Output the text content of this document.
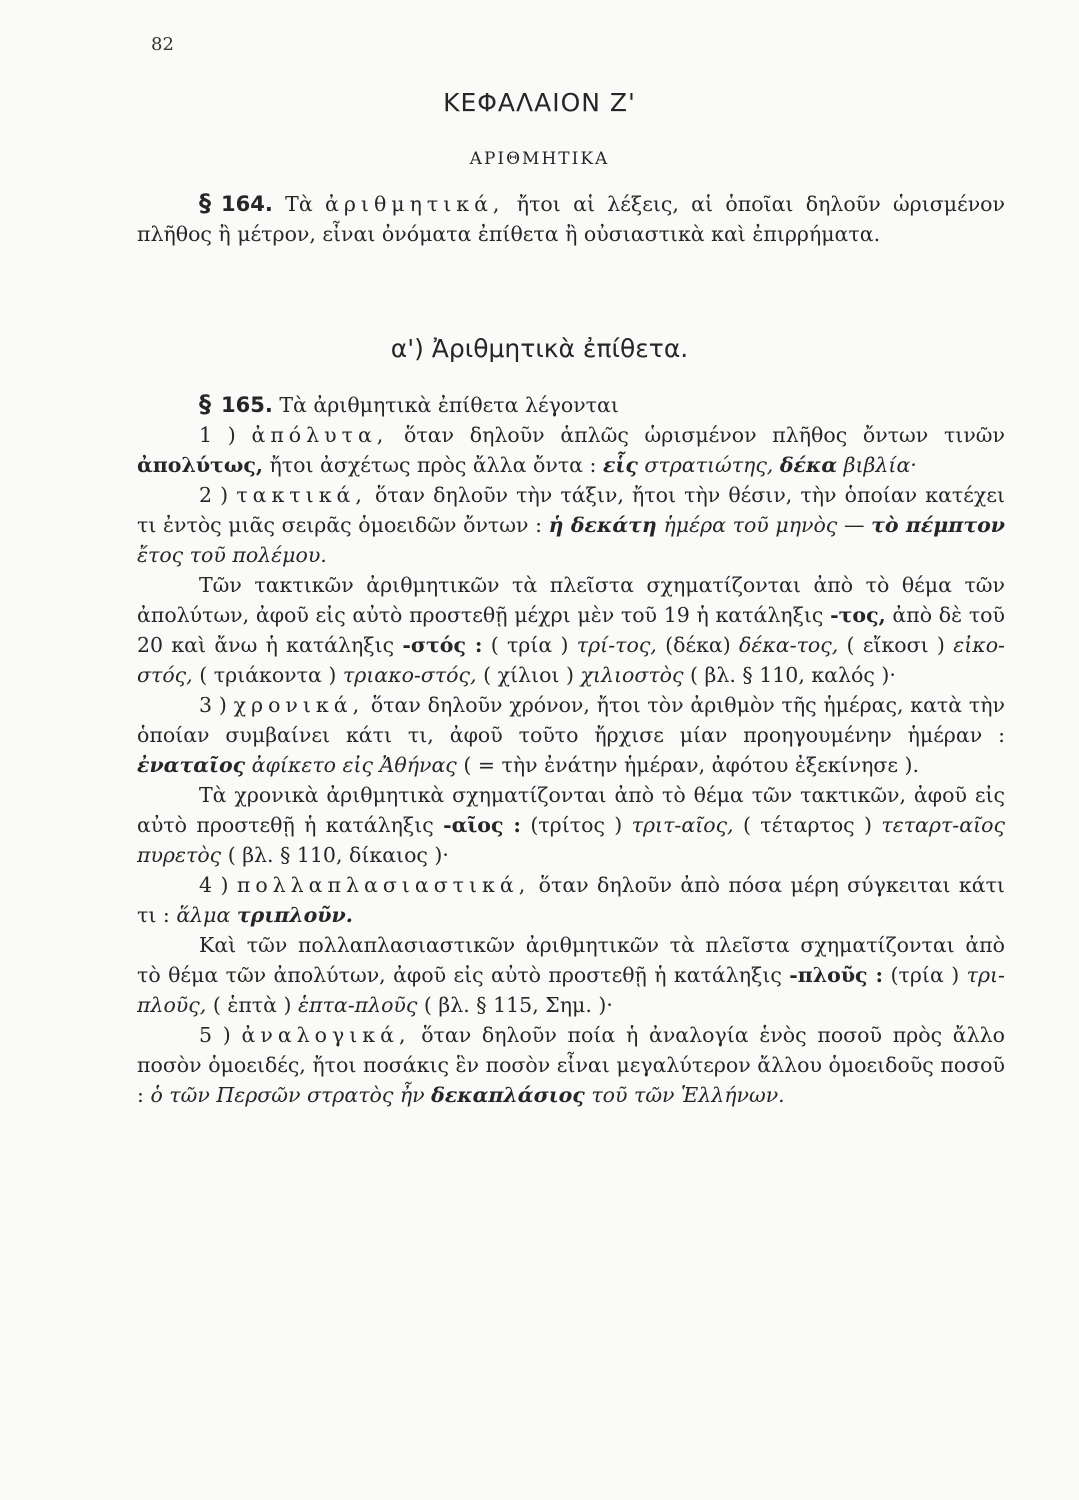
82
ΚΕΦΑΛΑΙΟΝ Ζ'
ΑΡΙΘΜΗΤΙΚΑ

§ 164. Τὰ ἀριθμητικά, ἤτοι αἱ λέξεις, αἱ ὁποῖαι δηλοῦν ὡρισμένον πλῆθος ἢ μέτρον, εἶναι ὀνόματα ἐπίθετα ἢ οὐσιαστικὰ καὶ ἐπιρρήματα.

α') Ἀριθμητικὰ ἐπίθετα.

§ 165. Τὰ ἀριθμητικὰ ἐπίθετα λέγονται

1 ) ἀπόλυτα, ὅταν δηλοῦν ἁπλῶς ὡρισμένον πλῆθος ὄντων τινῶν ἀπολύτως, ἤτοι ἀσχέτως πρὸς ἄλλα ὄντα : εἷς στρατιώτης, δέκα βιβλία·

2 ) τακτικά, ὅταν δηλοῦν τὴν τάξιν, ἤτοι τὴν θέσιν, τὴν ὁποίαν κατέχει τι ἐντὸς μιᾶς σειρᾶς ὁμοειδῶν ὄντων : ἡ δεκάτη ἡμέρα τοῦ μηνὸς — τὸ πέμπτον ἔτος τοῦ πολέμου.

Τῶν τακτικῶν ἀριθμητικῶν τὰ πλεῖστα σχηματίζονται ἀπὸ τὸ θέμα τῶν ἀπολύτων, ἀφοῦ εἰς αὐτὸ προστεθῇ μέχρι μὲν τοῦ 19 ἡ κατάληξις -τος, ἀπὸ δὲ τοῦ 20 καὶ ἄνω ἡ κατάληξις -στός : ( τρία ) τρί-τος, (δέκα) δέκα-τος, ( εἴκοσι ) εἰκο-στός, ( τριάκοντα ) τριακο-στός, ( χίλιοι ) χιλιοστὸς ( βλ. § 110, καλός )·

3 ) χρονικά, ὅταν δηλοῦν χρόνον, ἤτοι τὸν ἀριθμὸν τῆς ἡμέρας, κατὰ τὴν ὁποίαν συμβαίνει κάτι τι, ἀφοῦ τοῦτο ἤρχισε μίαν προηγουμένην ἡμέραν : ἐναταῖος ἀφίκετο εἰς Ἀθήνας ( = τὴν ἐνάτην ἡμέραν, ἀφότου ἐξεκίνησε ).

Τὰ χρονικὰ ἀριθμητικὰ σχηματίζονται ἀπὸ τὸ θέμα τῶν τακτικῶν, ἀφοῦ εἰς αὐτὸ προστεθῇ ἡ κατάληξις -αῖος : (τρίτος ) τριτ-αῖος, ( τέταρτος ) τεταρτ-αῖος πυρετὸς ( βλ. § 110, δίκαιος )·

4 ) πολλαπλασιαστικά, ὅταν δηλοῦν ἀπὸ πόσα μέρη σύγκειται κάτι τι : ἅλμα τριπλοῦν.

Καὶ τῶν πολλαπλασιαστικῶν ἀριθμητικῶν τὰ πλεῖστα σχηματίζονται ἀπὸ τὸ θέμα τῶν ἀπολύτων, ἀφοῦ εἰς αὐτὸ προστεθῇ ἡ κατάληξις -πλοῦς : (τρία ) τρι-πλοῦς, ( ἑπτὰ ) ἑπτα-πλοῦς ( βλ. § 115, Σημ. )·

5 ) ἀναλογικά, ὅταν δηλοῦν ποία ἡ ἀναλογία ἑνὸς ποσοῦ πρὸς ἄλλο ποσὸν ὁμοειδές, ἤτοι ποσάκις ἓν ποσὸν εἶναι μεγαλύτερον ἄλλου ὁμοειδοῦς ποσοῦ : ὁ τῶν Περσῶν στρατὸς ἦν δεκαπλάσιος τοῦ τῶν Ἑλλήνων.
